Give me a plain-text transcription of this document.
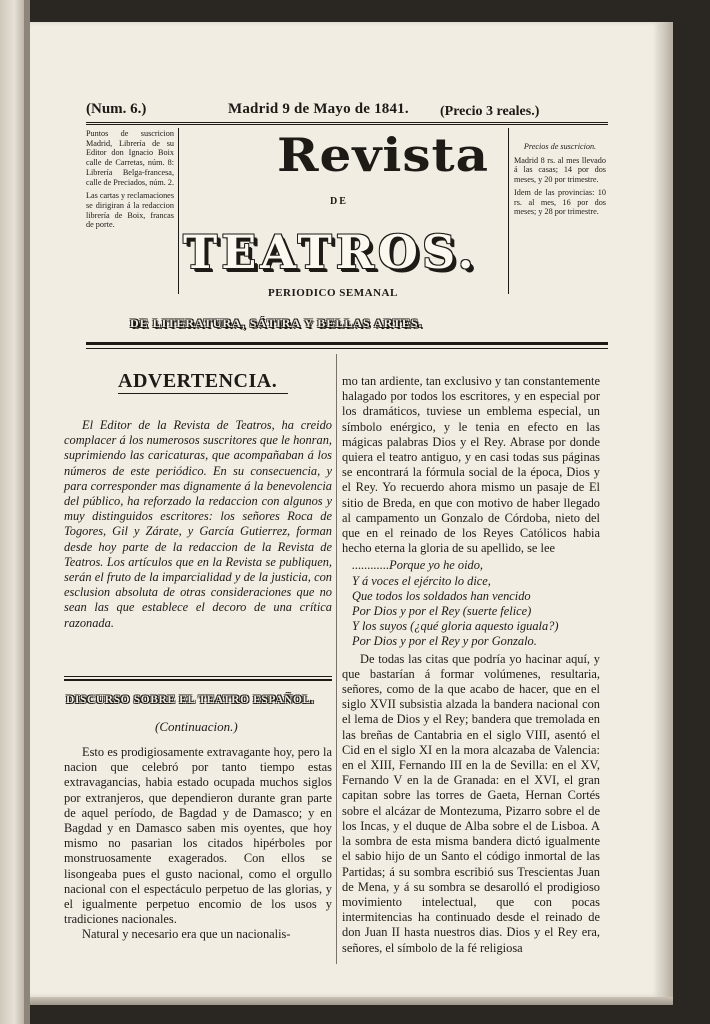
(Num. 6.)	Madrid 9 de Mayo de 1841. (Precio 3 reales.)

Puntos de suscricion Madrid, Librería de su Editor don Ignacio Boix calle de Carretas, núm. 8: Librería Belga-francesa, calle de Preciados, núm. 2.

Las cartas y reclamaciones se dirigiran á la redaccion librería de Boix, francas de porte.

Precios de suscricion.

Madrid 8 rs. al mes llevado á las casas; 14 por dos meses, y 20 por trimestre.

Idem de las provincias: 10 rs. al mes, 16 por dos meses; y 28 por trimestre.

Revista
DE
TEATROS.
PERIODICO SEMANAL
DE LITERATURA, SÁTIRA Y BELLAS ARTES.
ADVERTENCIA.

El Editor de la Revista de Teatros, ha creido complacer á los numerosos suscritores que le honran, suprimiendo las caricaturas, que acompañaban á los números de este periódico. En su consecuencia, y para corresponder mas dignamente á la benevolencia del público, ha reforzado la redaccion con algunos y muy distinguidos escritores: los señores Roca de Togores, Gil y Zárate, y García Gutierrez, forman desde hoy parte de la redaccion de la Revista de Teatros. Los artículos que en la Revista se publiquen, serán el fruto de la imparcialidad y de la justicia, con esclusion absoluta de otras consideraciones que no sean las que establece el decoro de una crítica razonada.

DISCURSO SOBRE EL TEATRO ESPAÑOL.
(Continuacion.)

Esto es prodigiosamente extravagante hoy, pero la nacion que celebró por tanto tiempo estas extravagancias, habia estado ocupada muchos siglos por extranjeros, que dependieron durante gran parte de aquel período, de Bagdad y de Damasco; y en Bagdad y en Damasco saben mis oyentes, que hoy mismo no pasarian los citados hipérboles por monstruosamente exagerados. Con ellos se lisongeaba pues el gusto nacional, como el orgullo nacional con el espectáculo perpetuo de las glorias, y el igualmente perpetuo encomio de los usos y tradiciones nacionales.

Natural y necesario era que un nacionalis-

mo tan ardiente, tan exclusivo y tan constantemente halagado por todos los escritores, y en especial por los dramáticos, tuviese un emblema especial, un símbolo enérgico, y le tenia en efecto en las mágicas palabras Dios y el Rey. Abrase por donde quiera el teatro antiguo, y en casi todas sus páginas se encontrará la fórmula social de la época, Dios y el Rey. Yo recuerdo ahora mismo un pasaje de El sitio de Breda, en que con motivo de haber llegado al campamento un Gonzalo de Córdoba, nieto del que en el reinado de los Reyes Católicos habia hecho eterna la gloria de su apellido, se lee

............Porque yo he oido,

Y á voces el ejército lo dice,

Que todos los soldados han vencido

Por Dios y por el Rey (suerte felice)

Y los suyos (¿qué gloria aquesto iguala?)

Por Dios y por el Rey y por Gonzalo.

De todas las citas que podría yo hacinar aquí, y que bastarían á formar volúmenes, resultaria, señores, como de la que acabo de hacer, que en el siglo XVII subsistia alzada la bandera nacional con el lema de Dios y el Rey; bandera que tremolada en las breñas de Cantabria en el siglo VIII, asentó el Cid en el siglo XI en la mora alcazaba de Valencia: en el XIII, Fernando III en la de Sevilla: en el XV, Fernando V en la de Granada: en el XVI, el gran capitan sobre las torres de Gaeta, Hernan Cortés sobre el alcázar de Montezuma, Pizarro sobre el de los Incas, y el duque de Alba sobre el de Lisboa. A la sombra de esta misma bandera dictó igualmente el sabio hijo de un Santo el código inmortal de las Partidas; á su sombra escribió sus Trescientas Juan de Mena, y á su sombra se desarolló el prodigioso movimiento intelectual, que con pocas intermitencias ha continuado desde el reinado de don Juan II hasta nuestros dias. Dios y el Rey era, señores, el símbolo de la fé religiosa
